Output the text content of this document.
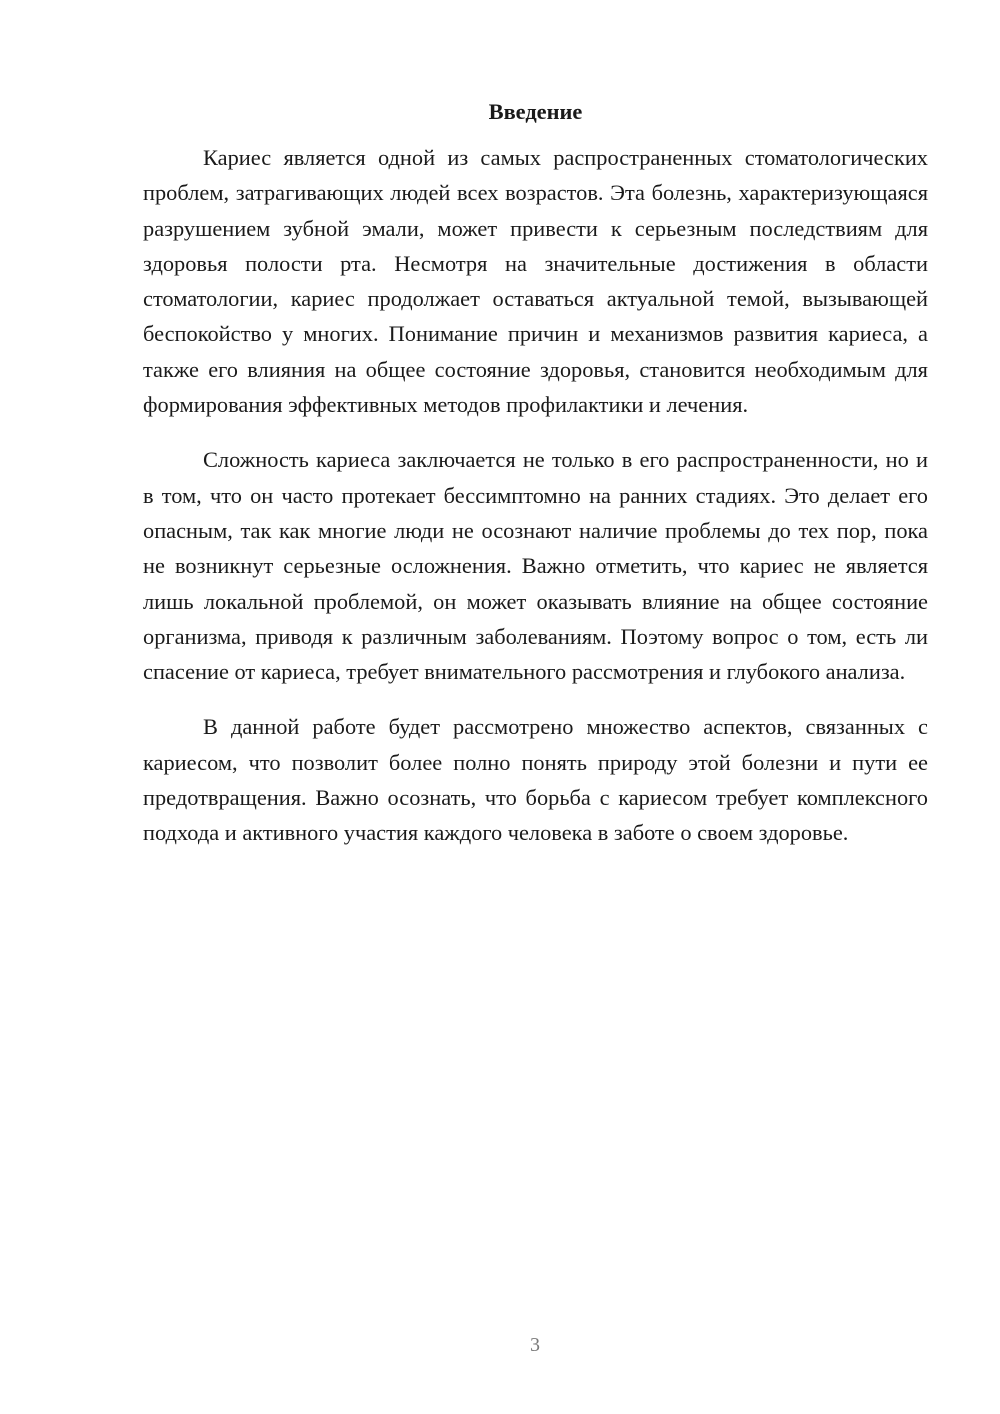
Введение

Кариес является одной из самых распространенных стоматологических проблем, затрагивающих людей всех возрастов. Эта болезнь, характеризующаяся разрушением зубной эмали, может привести к серьезным последствиям для здоровья полости рта. Несмотря на значительные достижения в области стоматологии, кариес продолжает оставаться актуальной темой, вызывающей беспокойство у многих. Понимание причин и механизмов развития кариеса, а также его влияния на общее состояние здоровья, становится необходимым для формирования эффективных методов профилактики и лечения.

Сложность кариеса заключается не только в его распространенности, но и в том, что он часто протекает бессимптомно на ранних стадиях. Это делает его опасным, так как многие люди не осознают наличие проблемы до тех пор, пока не возникнут серьезные осложнения. Важно отметить, что кариес не является лишь локальной проблемой, он может оказывать влияние на общее состояние организма, приводя к различным заболеваниям. Поэтому вопрос о том, есть ли спасение от кариеса, требует внимательного рассмотрения и глубокого анализа.

В данной работе будет рассмотрено множество аспектов, связанных с кариесом, что позволит более полно понять природу этой болезни и пути ее предотвращения. Важно осознать, что борьба с кариесом требует комплексного подхода и активного участия каждого человека в заботе о своем здоровье.

3
